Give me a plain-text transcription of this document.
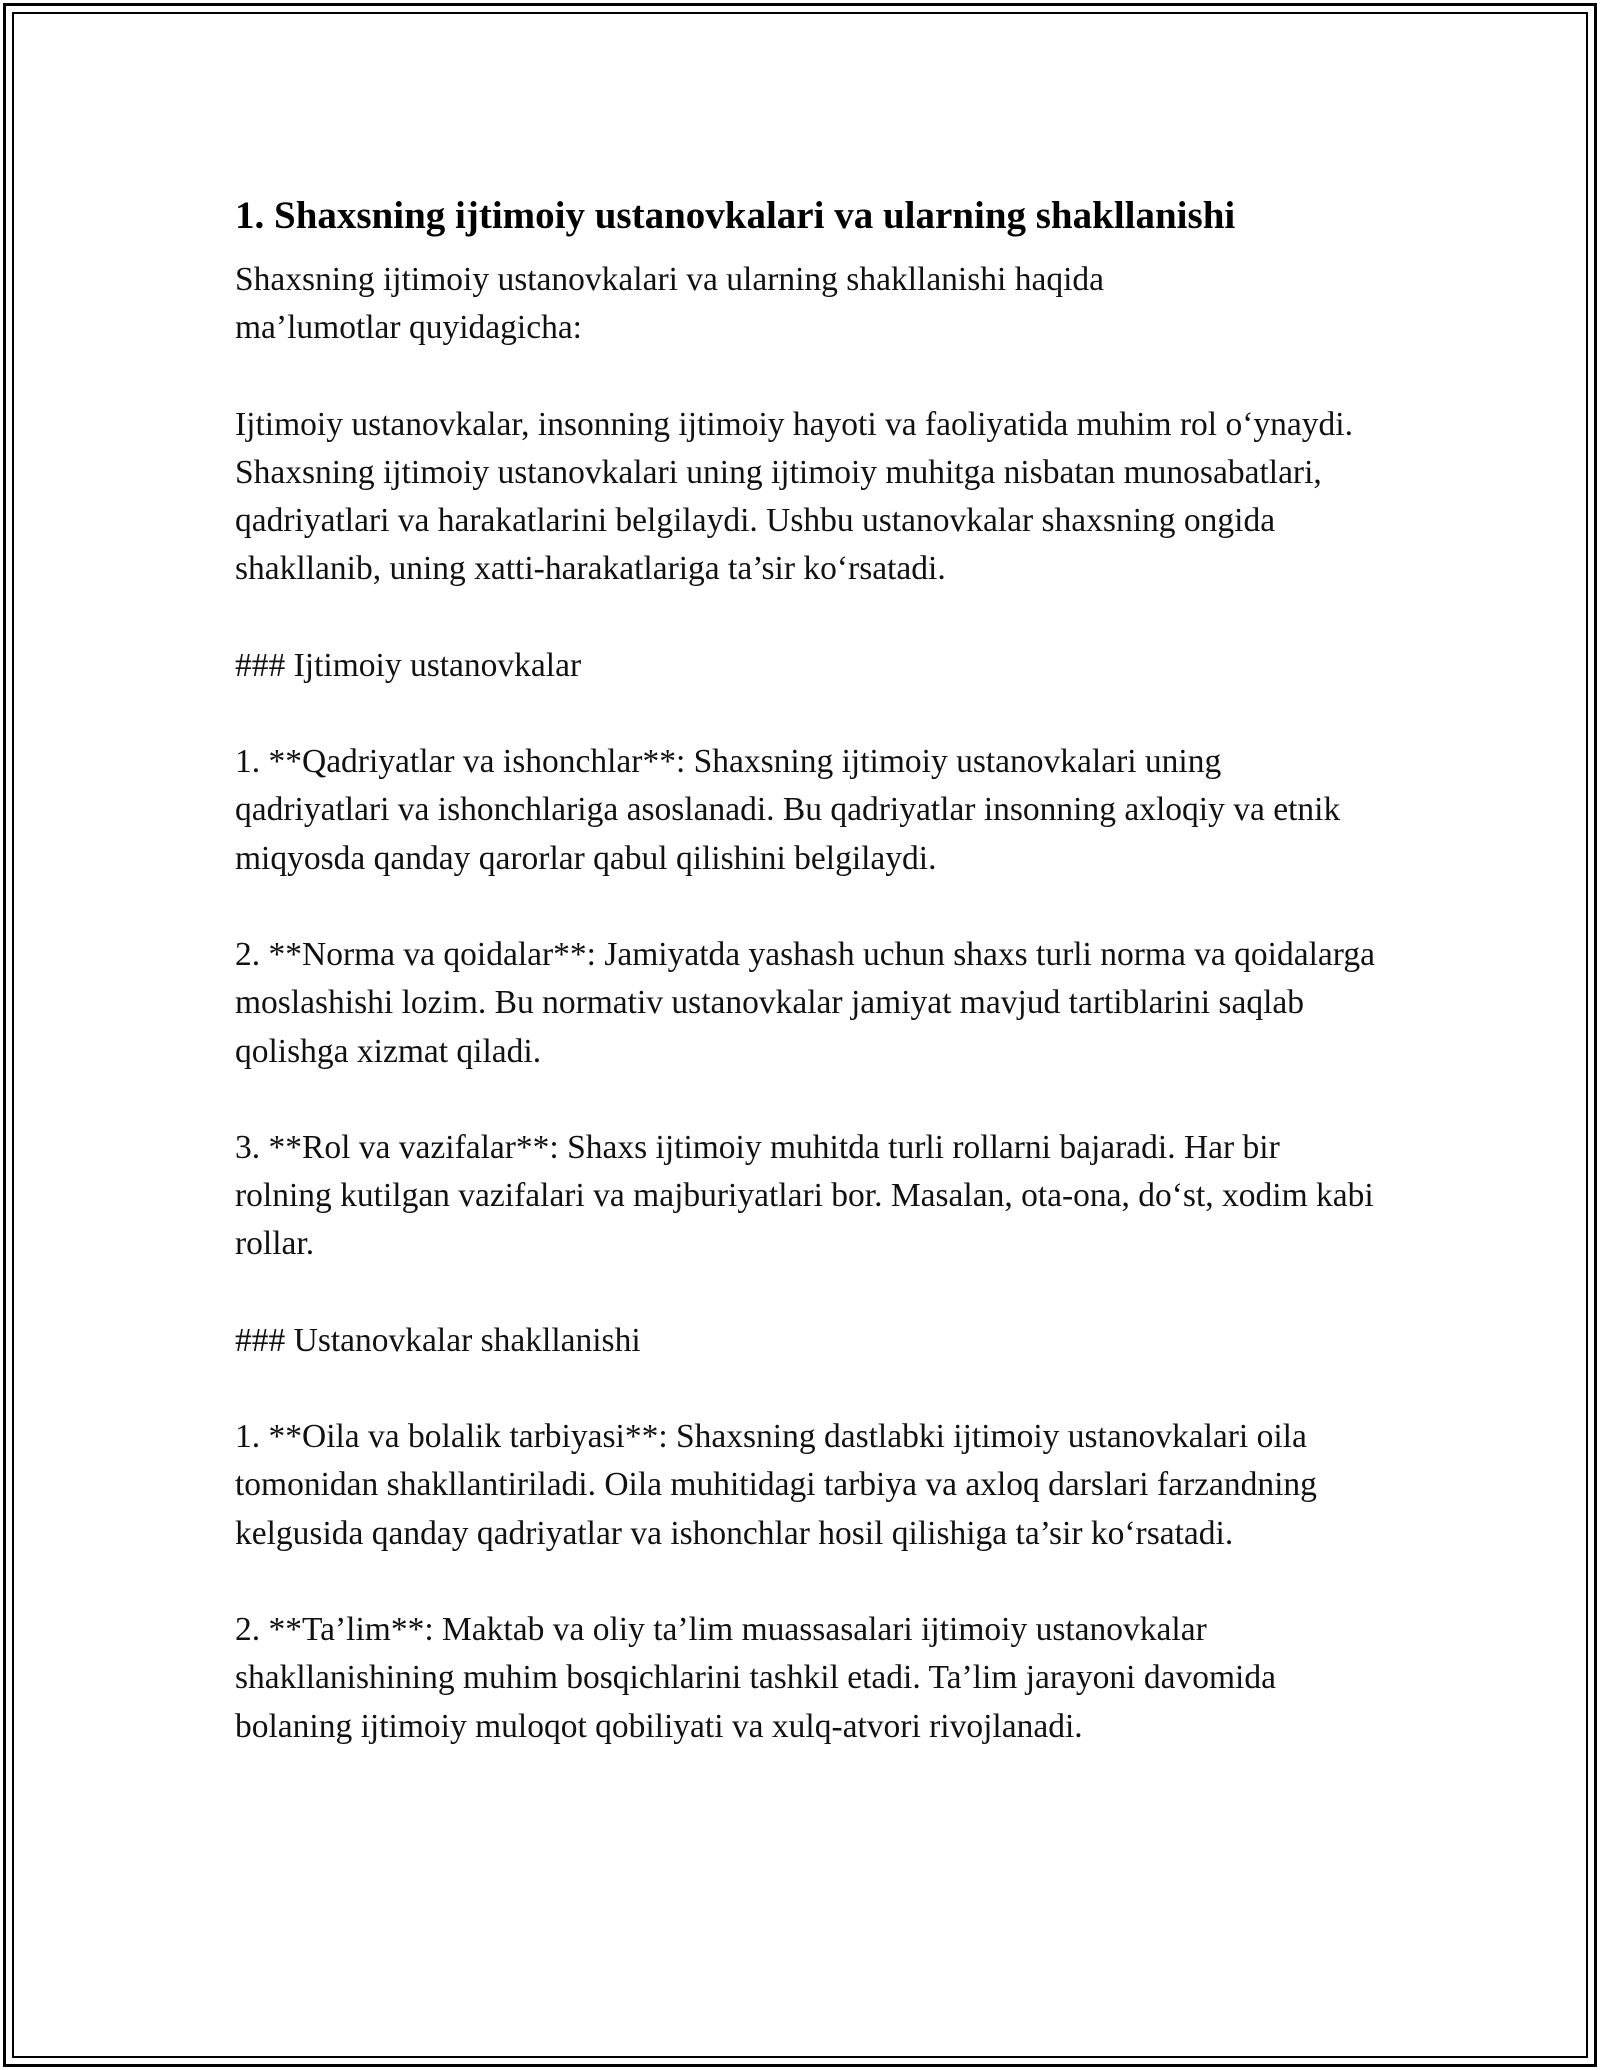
1. Shaxsning ijtimoiy ustanovkalari va ularning shakllanishi

Shaxsning ijtimoiy ustanovkalari va ularning shakllanishi haqida
ma’lumotlar quyidagicha:

Ijtimoiy ustanovkalar, insonning ijtimoiy hayoti va faoliyatida muhim rol o‘ynaydi. Shaxsning ijtimoiy ustanovkalari uning ijtimoiy muhitga nisbatan munosabatlari, qadriyatlari va harakatlarini belgilaydi. Ushbu ustanovkalar shaxsning ongida shakllanib, uning xatti-harakatlariga ta’sir ko‘rsatadi.

### Ijtimoiy ustanovkalar

1. **Qadriyatlar va ishonchlar**: Shaxsning ijtimoiy ustanovkalari uning qadriyatlari va ishonchlariga asoslanadi. Bu qadriyatlar insonning axloqiy va etnik miqyosda qanday qarorlar qabul qilishini belgilaydi.

2. **Norma va qoidalar**: Jamiyatda yashash uchun shaxs turli norma va qoidalarga moslashishi lozim. Bu normativ ustanovkalar jamiyat mavjud tartiblarini saqlab qolishga xizmat qiladi.

3. **Rol va vazifalar**: Shaxs ijtimoiy muhitda turli rollarni bajaradi. Har bir rolning kutilgan vazifalari va majburiyatlari bor. Masalan, ota-ona, do‘st, xodim kabi rollar.

### Ustanovkalar shakllanishi

1. **Oila va bolalik tarbiyasi**: Shaxsning dastlabki ijtimoiy ustanovkalari oila tomonidan shakllantiriladi. Oila muhitidagi tarbiya va axloq darslari farzandning kelgusida qanday qadriyatlar va ishonchlar hosil qilishiga ta’sir ko‘rsatadi.

2. **Ta’lim**: Maktab va oliy ta’lim muassasalari ijtimoiy ustanovkalar shakllanishining muhim bosqichlarini tashkil etadi. Ta’lim jarayoni davomida bolaning ijtimoiy muloqot qobiliyati va xulq-atvori rivojlanadi.
